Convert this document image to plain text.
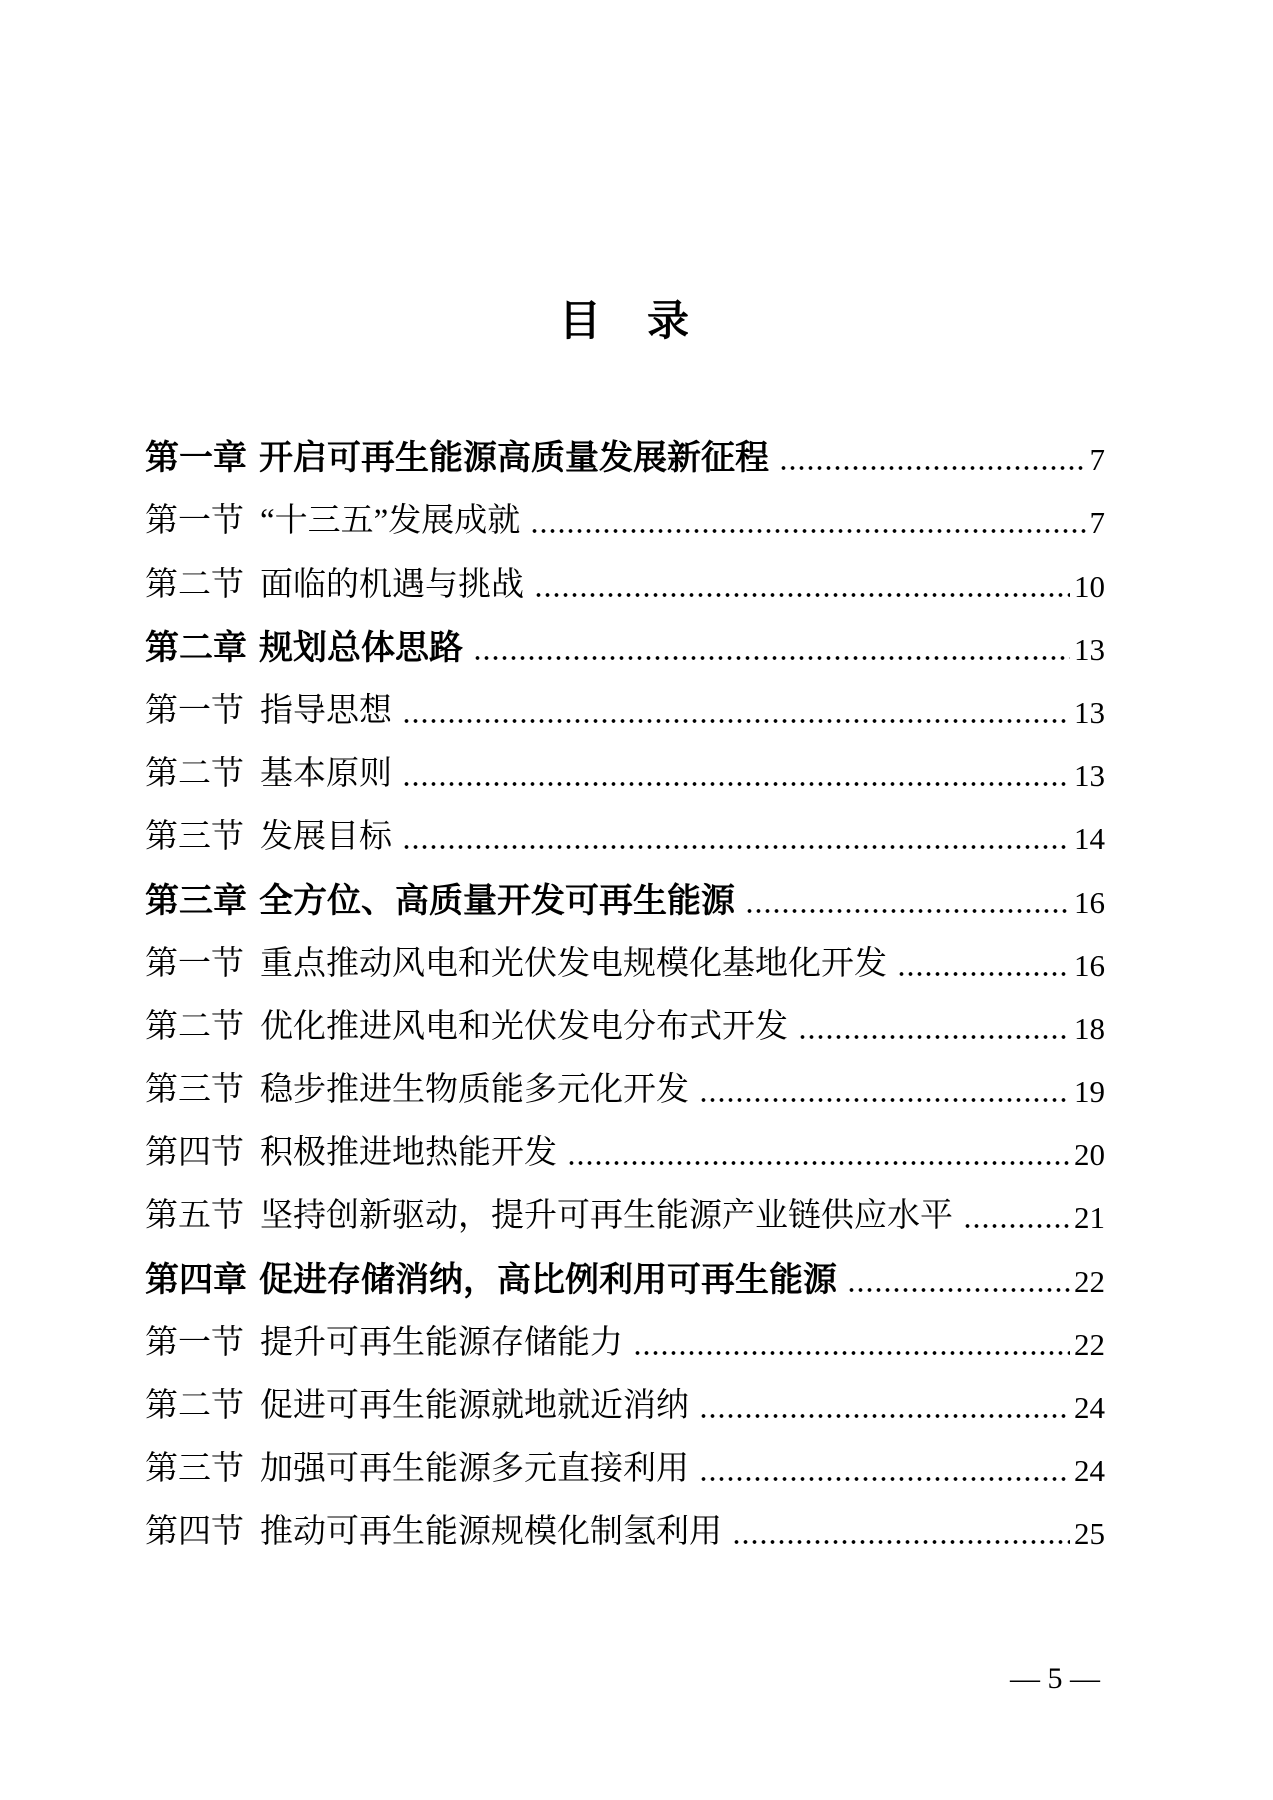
目　录
第一章 开启可再生能源高质量发展新征程	7
第一节 “十三五”发展成就	7
第二节 面临的机遇与挑战	10
第二章 规划总体思路	13
第一节 指导思想	13
第二节 基本原则	13
第三节 发展目标	14
第三章 全方位、高质量开发可再生能源	16
第一节 重点推动风电和光伏发电规模化基地化开发	16
第二节 优化推进风电和光伏发电分布式开发	18
第三节 稳步推进生物质能多元化开发	19
第四节 积极推进地热能开发	20
第五节 坚持创新驱动，提升可再生能源产业链供应水平	21
第四章 促进存储消纳，高比例利用可再生能源	22
第一节 提升可再生能源存储能力	22
第二节 促进可再生能源就地就近消纳	24
第三节 加强可再生能源多元直接利用	24
第四节 推动可再生能源规模化制氢利用	25

— 5 —
